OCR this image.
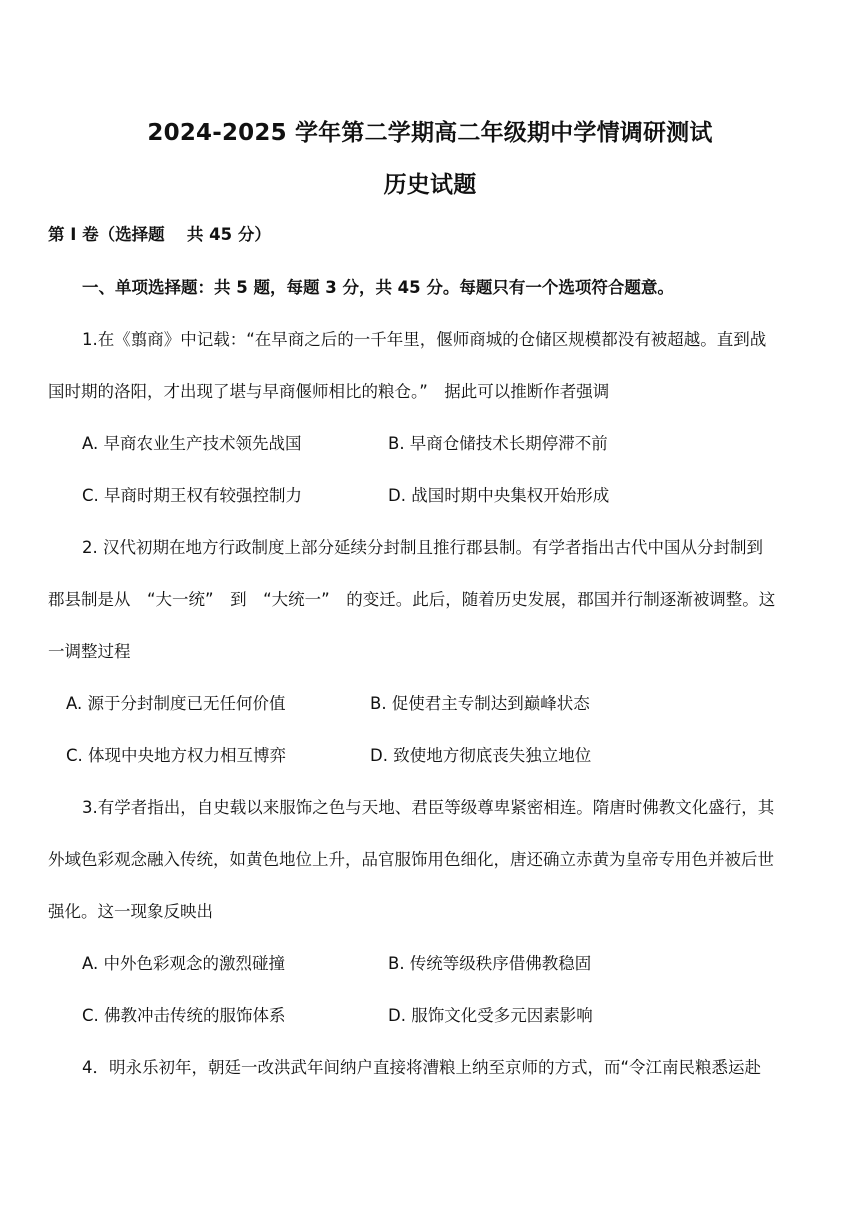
2024-2025 学年第二学期高二年级期中学情调研测试
历史试题
第 I 卷（选择题　 共 45 分）
一、单项选择题：共 5 题，每题 3 分，共 45 分。每题只有一个选项符合题意。
1.在《翦商》中记载：“在早商之后的一千年里，偃师商城的仓储区规模都没有被超越。直到战
国时期的洛阳，才出现了堪与早商偃师相比的粮仓。”　据此可以推断作者强调
A. 早商农业生产技术领先战国	B. 早商仓储技术长期停滞不前
C. 早商时期王权有较强控制力	D. 战国时期中央集权开始形成
2. 汉代初期在地方行政制度上部分延续分封制且推行郡县制。有学者指出古代中国从分封制到
郡县制是从　“大一统”　到　“大统一”　的变迁。此后，随着历史发展，郡国并行制逐渐被调整。这
一调整过程
A. 源于分封制度已无任何价值	B. 促使君主专制达到巅峰状态
C. 体现中央地方权力相互博弈	D. 致使地方彻底丧失独立地位
3.有学者指出，自史载以来服饰之色与天地、君臣等级尊卑紧密相连。隋唐时佛教文化盛行，其
外域色彩观念融入传统，如黄色地位上升，品官服饰用色细化，唐还确立赤黄为皇帝专用色并被后世
强化。这一现象反映出
A. 中外色彩观念的激烈碰撞	B. 传统等级秩序借佛教稳固
C. 佛教冲击传统的服饰体系	D. 服饰文化受多元因素影响
4．明永乐初年，朝廷一改洪武年间纳户直接将漕粮上纳至京师的方式，而“令江南民粮悉运赴
